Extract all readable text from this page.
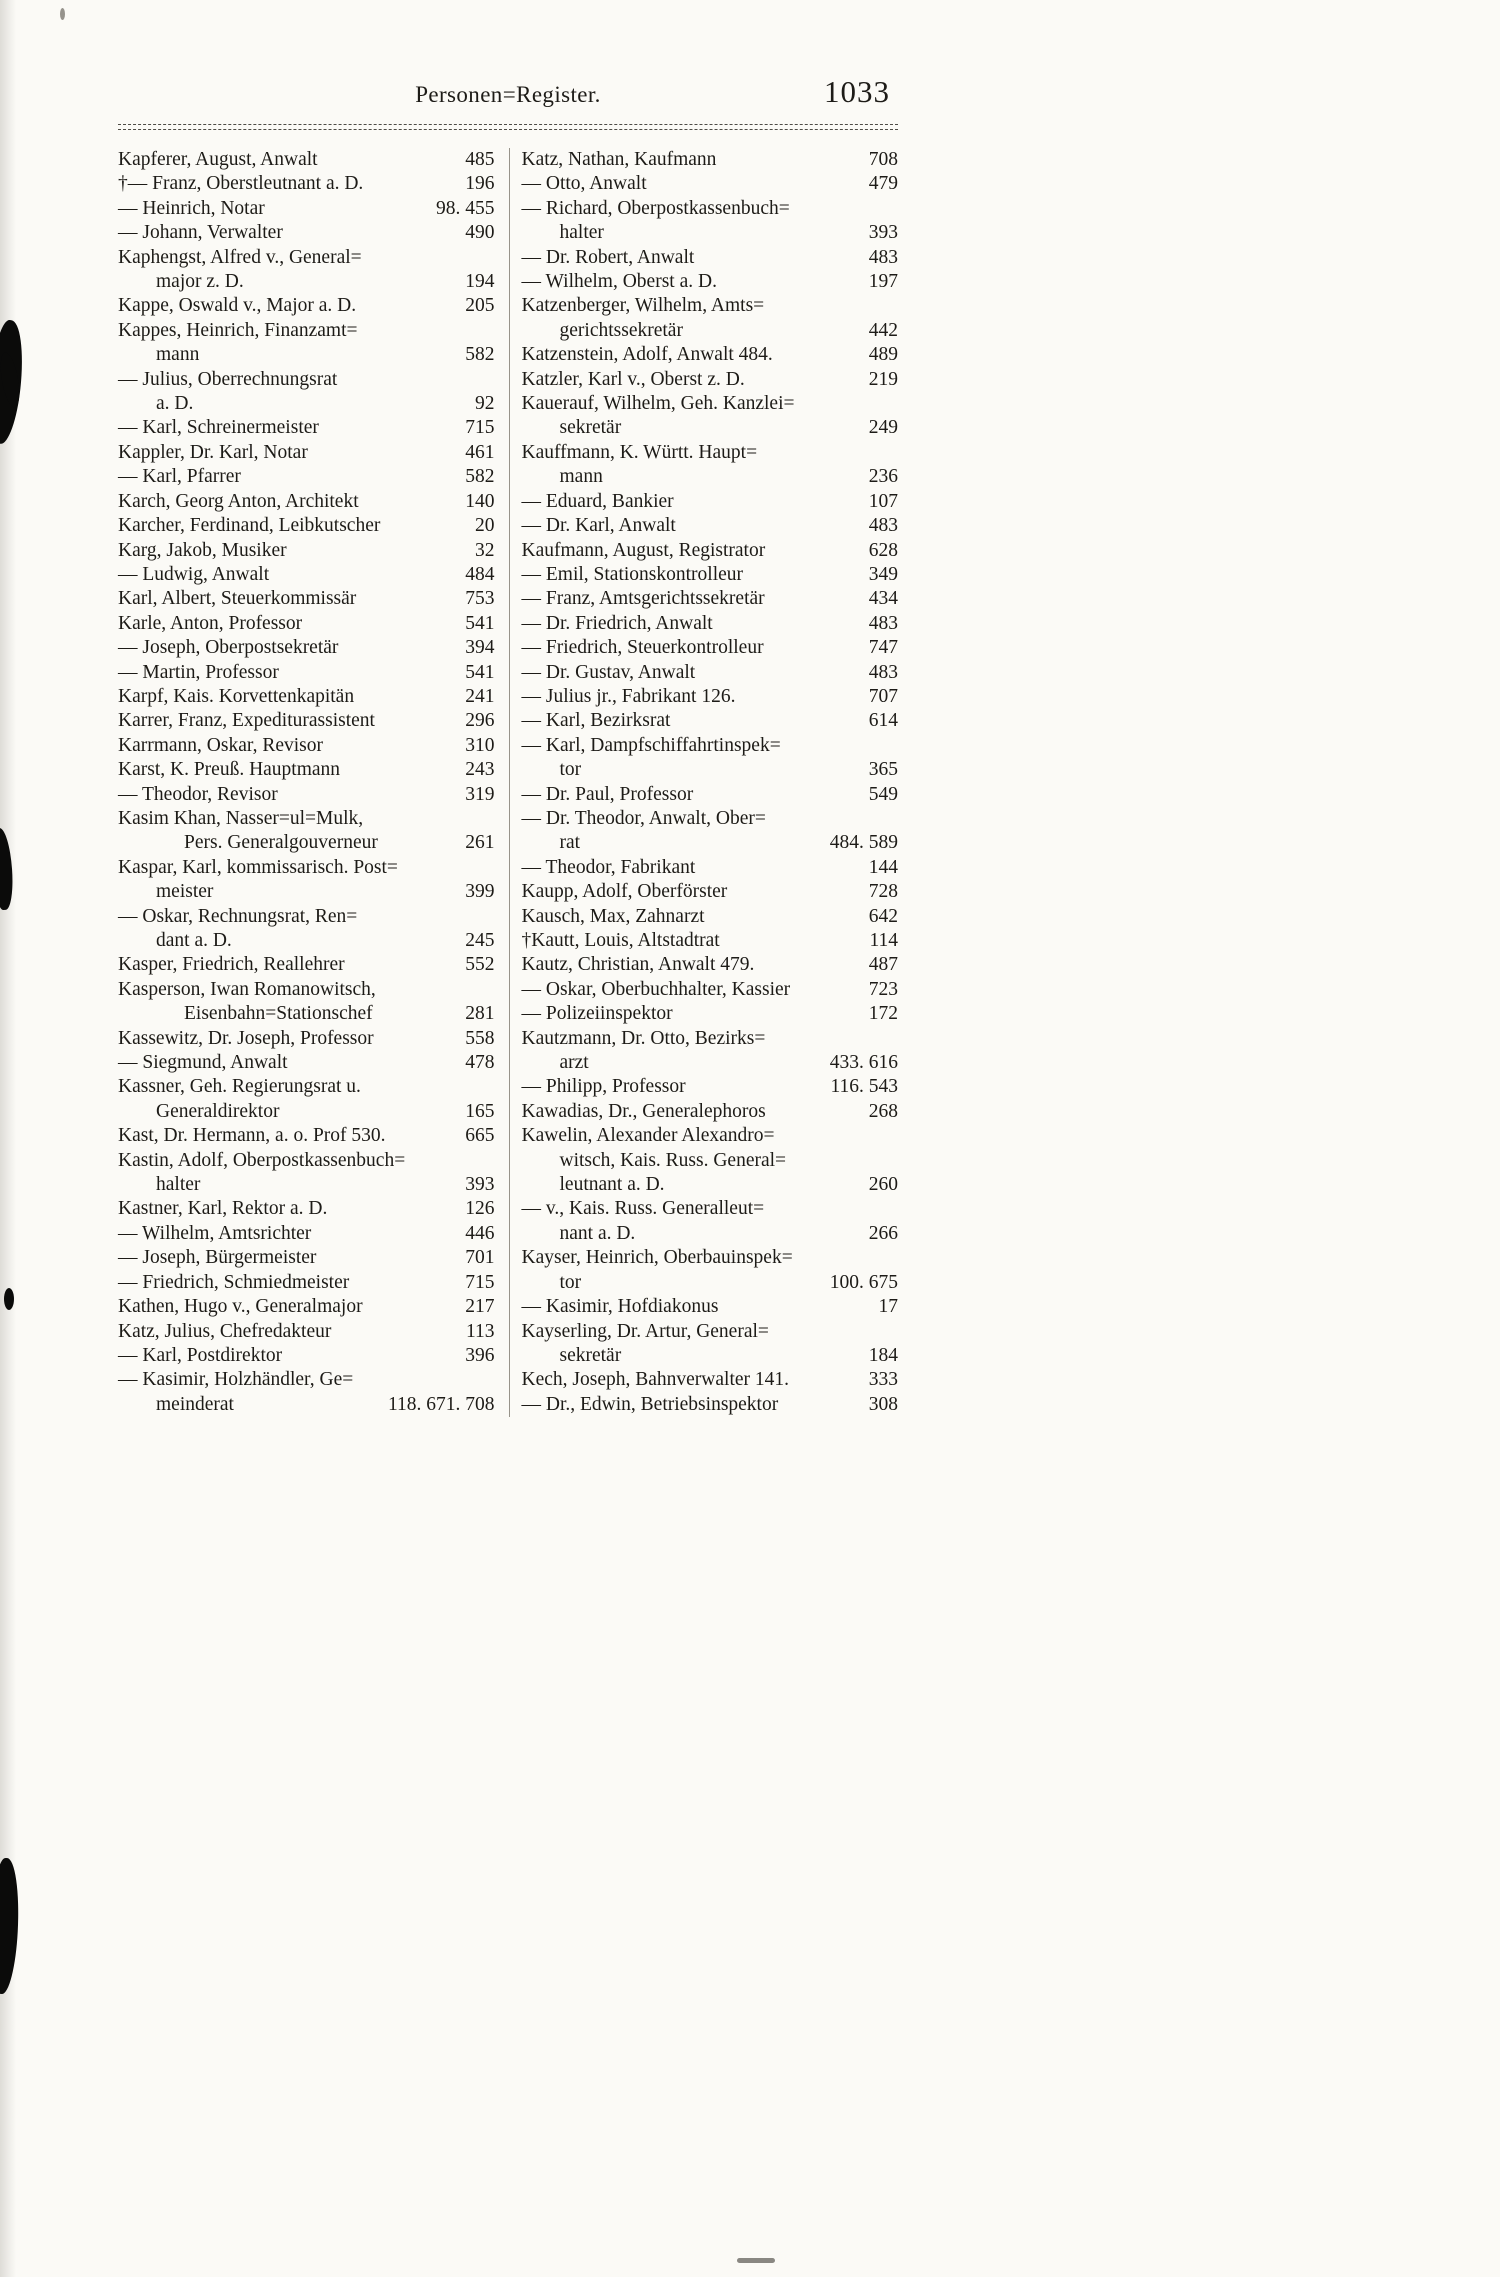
Personen=Register.	1033
Kapferer, August, Anwalt	485
†— Franz, Oberstleutnant a. D.	196
— Heinrich, Notar	98. 455
— Johann, Verwalter	490
Kaphengst, Alfred v., General=
major z. D.	194
Kappe, Oswald v., Major a. D.	205
Kappes, Heinrich, Finanzamt=
mann	582
— Julius, Oberrechnungsrat
a. D.	92
— Karl, Schreinermeister	715
Kappler, Dr. Karl, Notar	461
— Karl, Pfarrer	582
Karch, Georg Anton, Architekt	140
Karcher, Ferdinand, Leibkutscher	20
Karg, Jakob, Musiker	32
— Ludwig, Anwalt	484
Karl, Albert, Steuerkommissär	753
Karle, Anton, Professor	541
— Joseph, Oberpostsekretär	394
— Martin, Professor	541
Karpf, Kais. Korvettenkapitän	241
Karrer, Franz, Expediturassistent	296
Karrmann, Oskar, Revisor	310
Karst, K. Preuß. Hauptmann	243
— Theodor, Revisor	319
Kasim Khan, Nasser=ul=Mulk,
Pers. Generalgouverneur	261
Kaspar, Karl, kommissarisch. Post=
meister	399
— Oskar, Rechnungsrat, Ren=
dant a. D.	245
Kasper, Friedrich, Reallehrer	552
Kasperson, Iwan Romanowitsch,
Eisenbahn=Stationschef	281
Kassewitz, Dr. Joseph, Professor	558
— Siegmund, Anwalt	478
Kassner, Geh. Regierungsrat u.
Generaldirektor	165
Kast, Dr. Hermann, a. o. Prof 530.	665
Kastin, Adolf, Oberpostkassenbuch=
halter	393
Kastner, Karl, Rektor a. D.	126
— Wilhelm, Amtsrichter	446
— Joseph, Bürgermeister	701
— Friedrich, Schmiedmeister	715
Kathen, Hugo v., Generalmajor	217
Katz, Julius, Chefredakteur	113
— Karl, Postdirektor	396
— Kasimir, Holzhändler, Ge=
meinderat	118. 671. 708
Katz, Nathan, Kaufmann	708
— Otto, Anwalt	479
— Richard, Oberpostkassenbuch=
halter	393
— Dr. Robert, Anwalt	483
— Wilhelm, Oberst a. D.	197
Katzenberger, Wilhelm, Amts=
gerichtssekretär	442
Katzenstein, Adolf, Anwalt 484.	489
Katzler, Karl v., Oberst z. D.	219
Kauerauf, Wilhelm, Geh. Kanzlei=
sekretär	249
Kauffmann, K. Württ. Haupt=
mann	236
— Eduard, Bankier	107
— Dr. Karl, Anwalt	483
Kaufmann, August, Registrator	628
— Emil, Stationskontrolleur	349
— Franz, Amtsgerichtssekretär	434
— Dr. Friedrich, Anwalt	483
— Friedrich, Steuerkontrolleur	747
— Dr. Gustav, Anwalt	483
— Julius jr., Fabrikant 126.	707
— Karl, Bezirksrat	614
— Karl, Dampfschiffahrtinspek=
tor	365
— Dr. Paul, Professor	549
— Dr. Theodor, Anwalt, Ober=
rat	484. 589
— Theodor, Fabrikant	144
Kaupp, Adolf, Oberförster	728
Kausch, Max, Zahnarzt	642
†Kautt, Louis, Altstadtrat	114
Kautz, Christian, Anwalt 479.	487
— Oskar, Oberbuchhalter, Kassier	723
— Polizeiinspektor	172
Kautzmann, Dr. Otto, Bezirks=
arzt	433. 616
— Philipp, Professor	116. 543
Kawadias, Dr., Generalephoros	268
Kawelin, Alexander Alexandro=
witsch, Kais. Russ. General=
leutnant a. D.	260
— v., Kais. Russ. Generalleut=
nant a. D.	266
Kayser, Heinrich, Oberbauinspek=
tor	100. 675
— Kasimir, Hofdiakonus	17
Kayserling, Dr. Artur, General=
sekretär	184
Kech, Joseph, Bahnverwalter 141.	333
— Dr., Edwin, Betriebsinspektor	308
